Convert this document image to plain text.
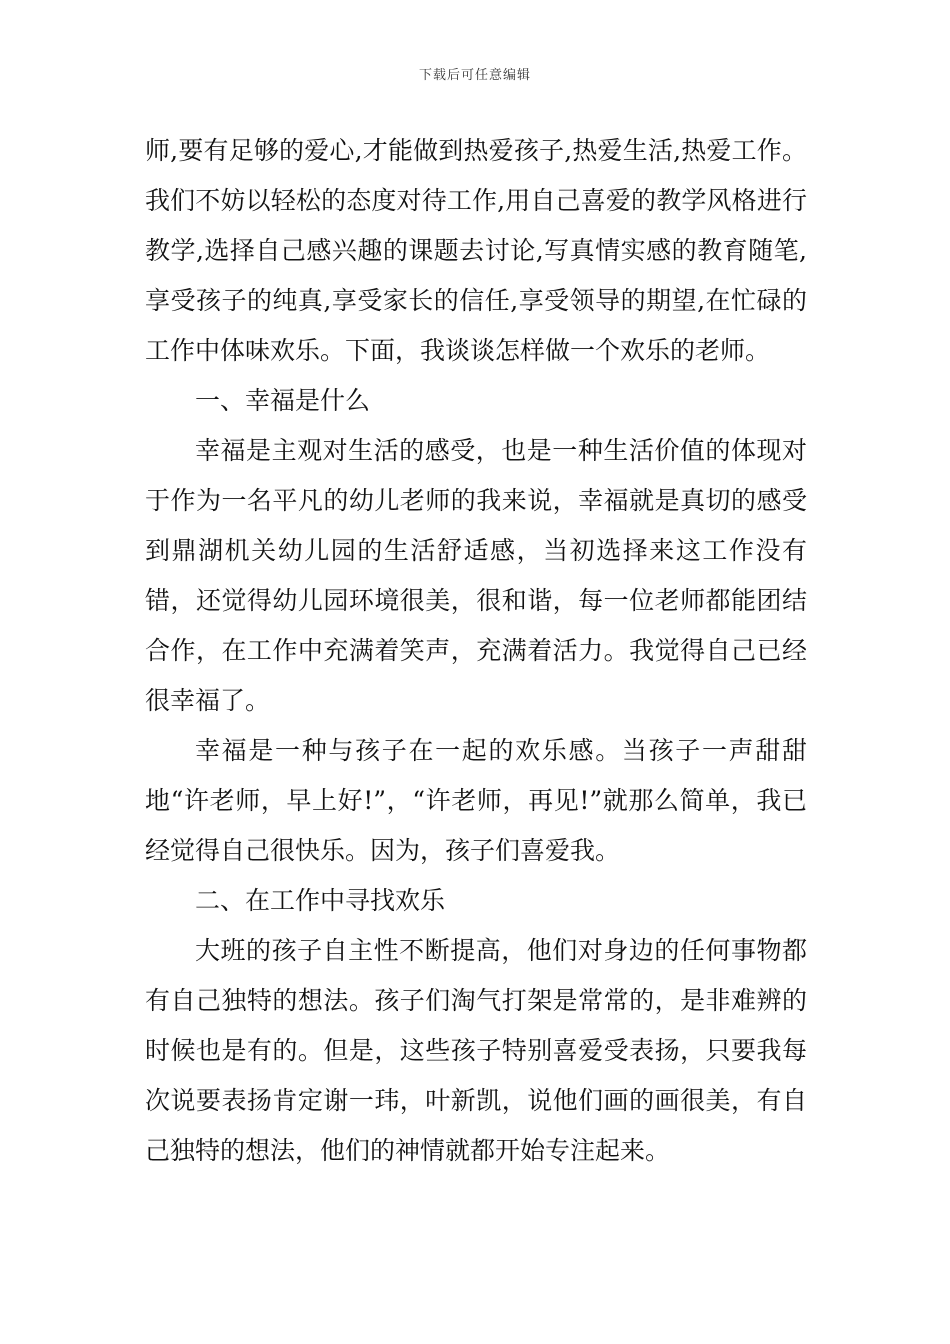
下载后可任意编辑

师,要有足够的爱心,才能做到热爱孩子,热爱生活,热爱工作。我们不妨以轻松的态度对待工作,用自己喜爱的教学风格进行教学,选择自己感兴趣的课题去讨论,写真情实感的教育随笔,享受孩子的纯真,享受家长的信任,享受领导的期望,在忙碌的工作中体味欢乐。下面，我谈谈怎样做一个欢乐的老师。

一、幸福是什么

幸福是主观对生活的感受，也是一种生活价值的体现对于作为一名平凡的幼儿老师的我来说，幸福就是真切的感受到鼎湖机关幼儿园的生活舒适感，当初选择来这工作没有错，还觉得幼儿园环境很美，很和谐，每一位老师都能团结合作，在工作中充满着笑声，充满着活力。我觉得自己已经很幸福了。

幸福是一种与孩子在一起的欢乐感。当孩子一声甜甜地“许老师，早上好!”，“许老师，再见!”就那么简单，我已经觉得自己很快乐。因为，孩子们喜爱我。

二、在工作中寻找欢乐

大班的孩子自主性不断提高，他们对身边的任何事物都有自己独特的想法。孩子们淘气打架是常常的，是非难辨的时候也是有的。但是，这些孩子特别喜爱受表扬，只要我每次说要表扬肯定谢一玮，叶新凯，说他们画的画很美，有自己独特的想法，他们的神情就都开始专注起来。
